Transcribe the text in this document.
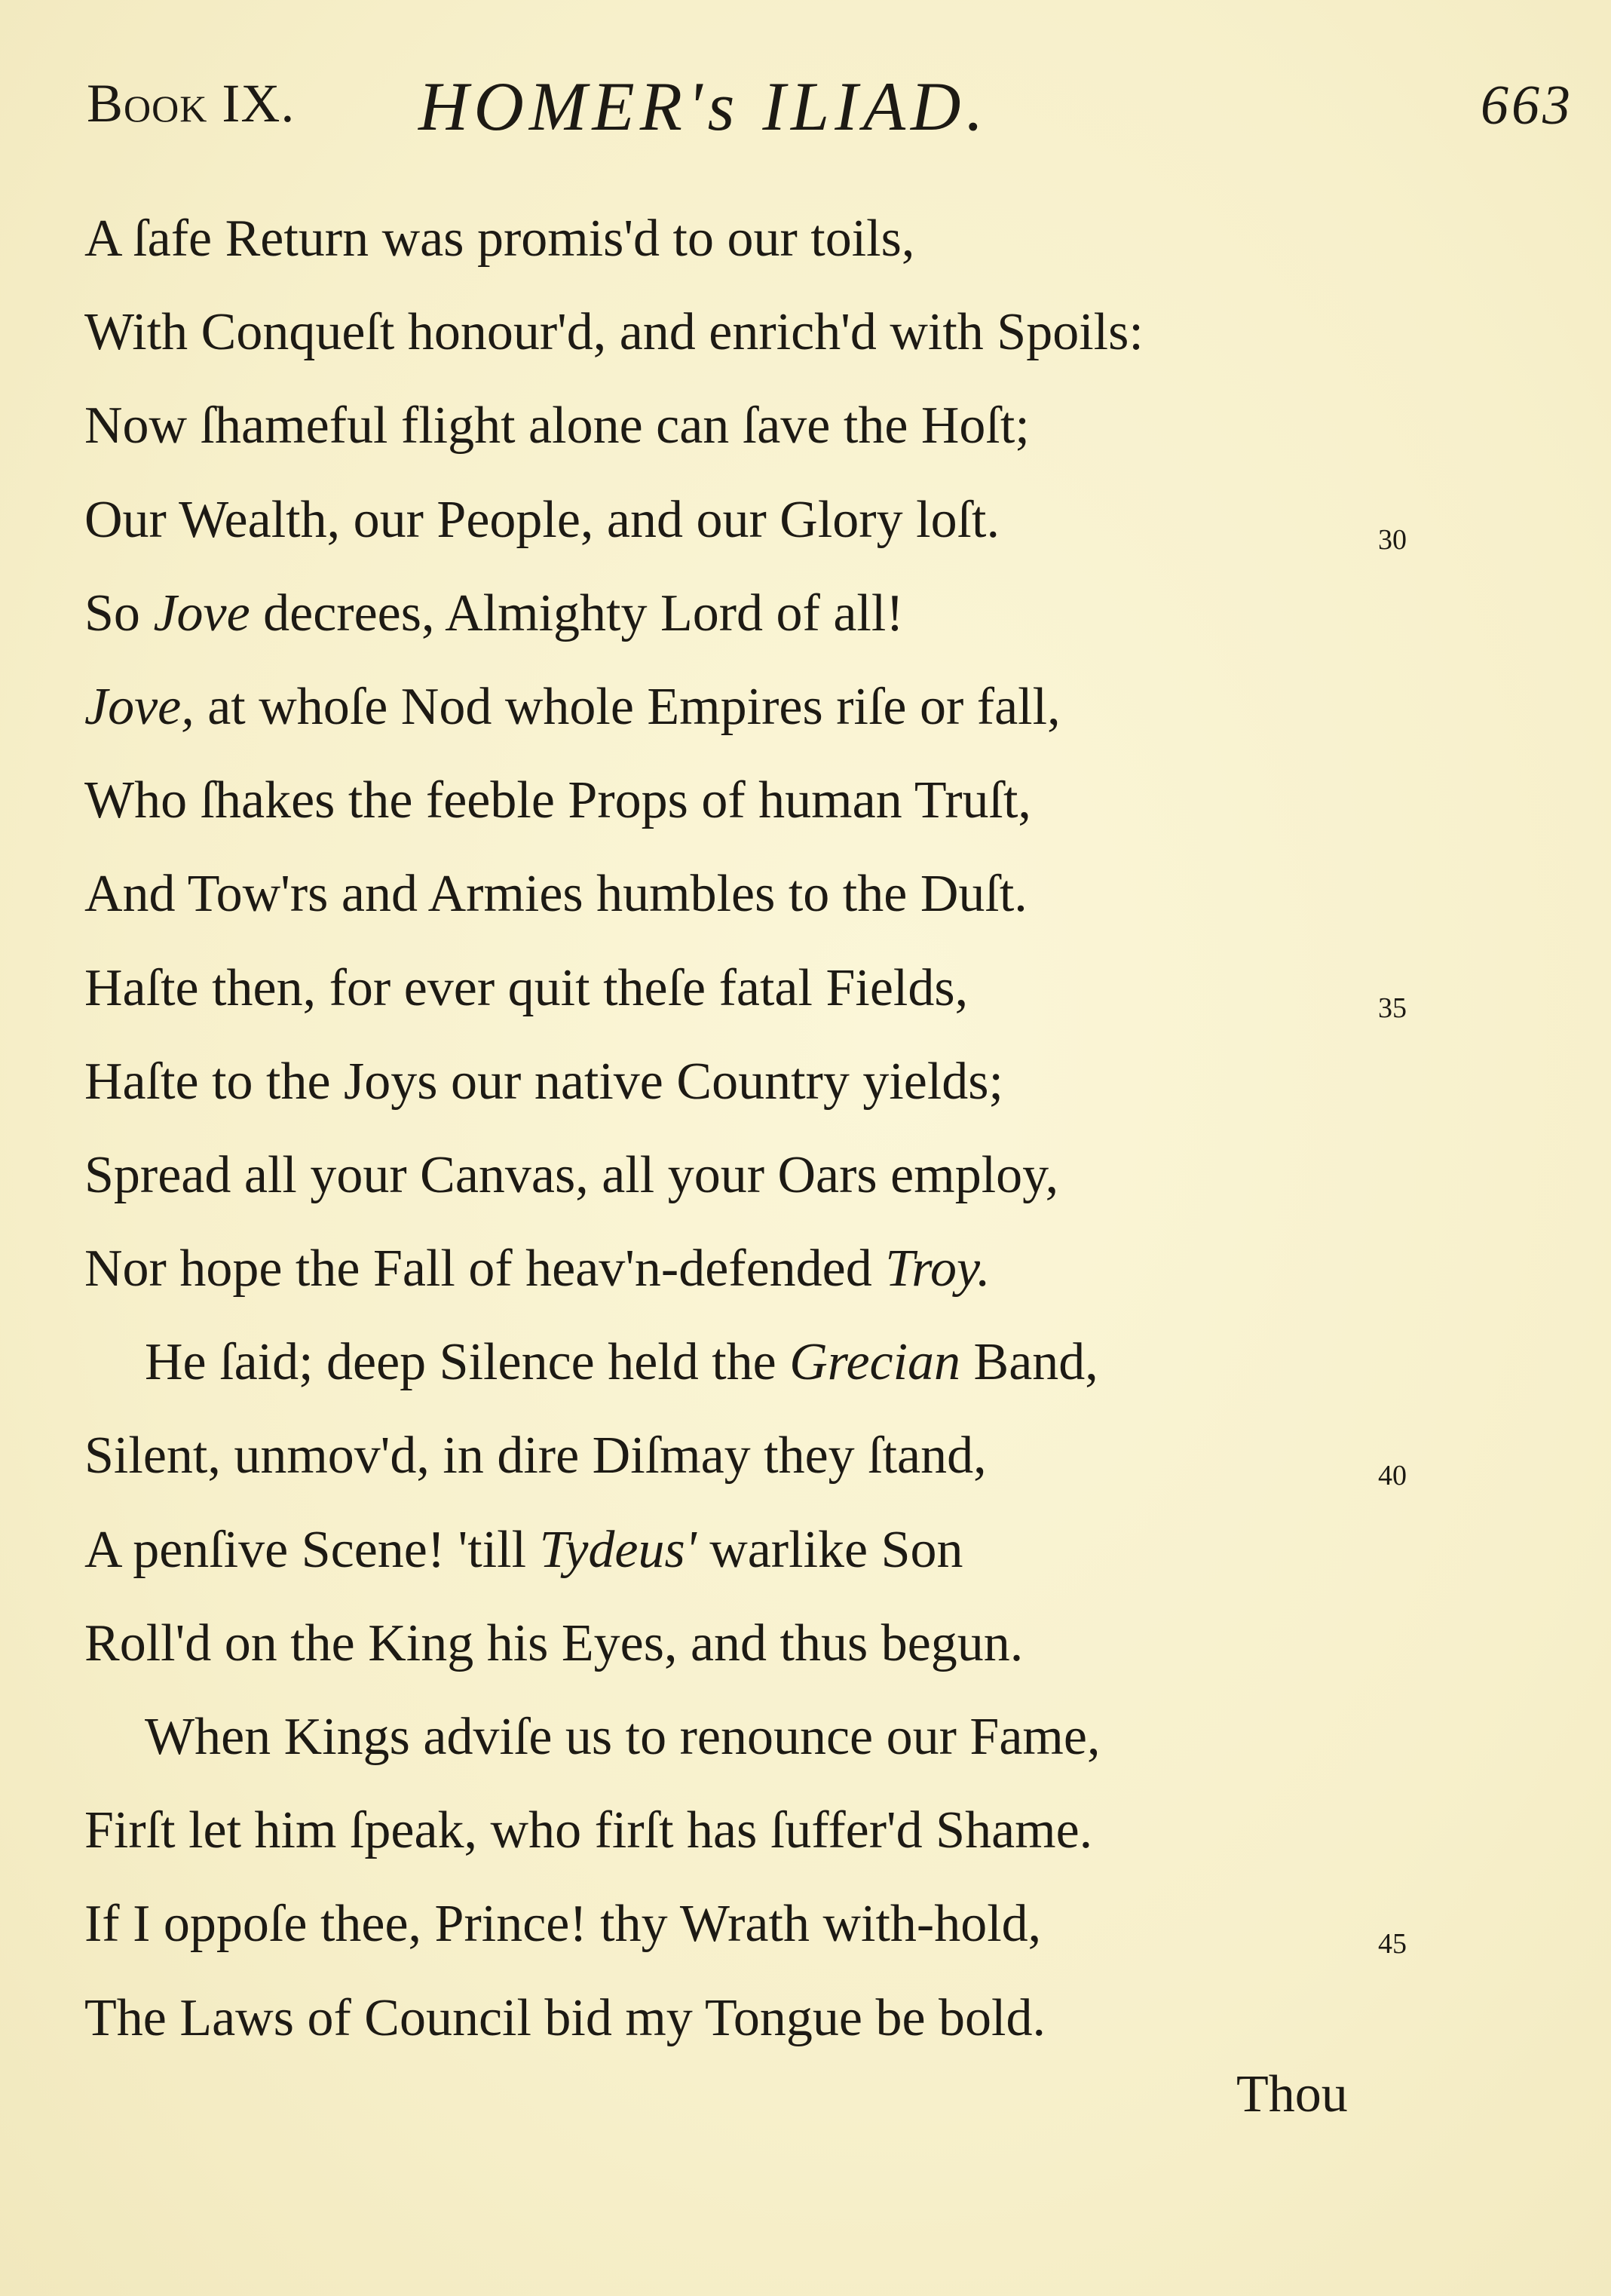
Book IX. HOMER's ILIAD.	663
A ſafe Return was promis'd to our toils,
With Conqueſt honour'd, and enrich'd with Spoils:
Now ſhameful flight alone can ſave the Hoſt;
Our Wealth, our People, and our Glory loſt.	30
So Jove decrees, Almighty Lord of all!
Jove, at whoſe Nod whole Empires riſe or fall,
Who ſhakes the feeble Props of human Truſt,
And Tow'rs and Armies humbles to the Duſt.
Haſte then, for ever quit theſe fatal Fields,	35
Haſte to the Joys our native Country yields;
Spread all your Canvas, all your Oars employ,
Nor hope the Fall of heav'n-defended Troy.
He ſaid; deep Silence held the Grecian Band,
Silent, unmov'd, in dire Diſmay they ſtand,	40
A penſive Scene! 'till Tydeus' warlike Son
Roll'd on the King his Eyes, and thus begun.
When Kings adviſe us to renounce our Fame,
Firſt let him ſpeak, who firſt has ſuffer'd Shame.
If I oppoſe thee, Prince! thy Wrath with-hold,	45
The Laws of Council bid my Tongue be bold.
Thou
